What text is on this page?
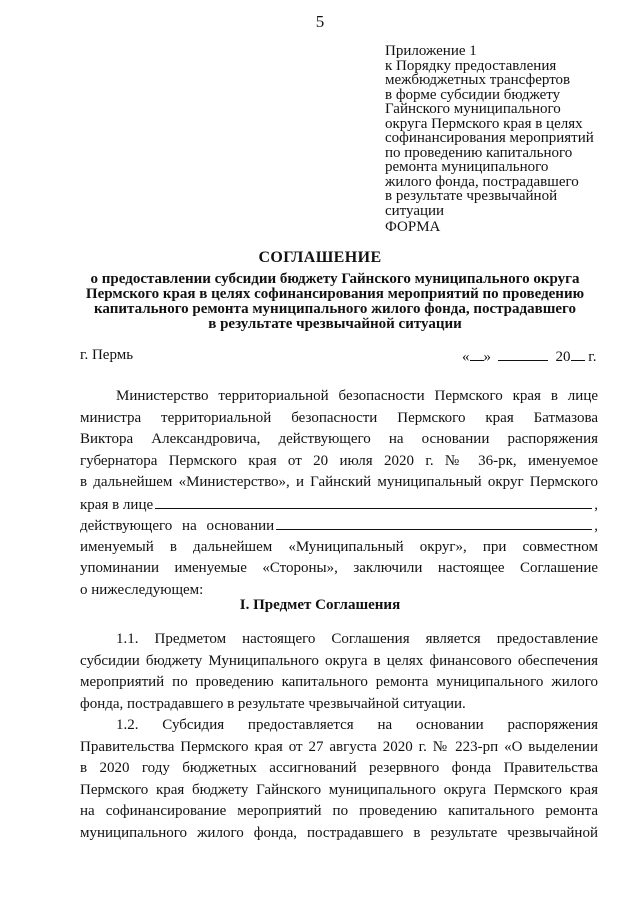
5
Приложение 1
к Порядку предоставления
межбюджетных трансфертов
в форме субсидии бюджету
Гайнского муниципального
округа Пермского края в целях
софинансирования мероприятий
по проведению капитального
ремонта муниципального
жилого фонда, пострадавшего
в результате чрезвычайной
ситуации
ФОРМА
СОГЛАШЕНИЕ
о предоставлении субсидии бюджету Гайнского муниципального округа
Пермского края в целях софинансирования мероприятий по проведению
капитального ремонта муниципального жилого фонда, пострадавшего
в результате чрезвычайной ситуации
г. Пермь	« »	20 г.
Министерство территориальной безопасности Пермского края в лице
министра территориальной безопасности Пермского края Батмазова
Виктора Александровича, действующего на основании распоряжения
губернатора Пермского края от 20 июля 2020 г. № 36-рк, именуемое
в дальнейшем «Министерство», и Гайнский муниципальный округ Пермского
края в лице	,
действующего на основании	,
именуемый в дальнейшем «Муниципальный округ», при совместном
упоминании именуемые «Стороны», заключили настоящее Соглашение
о нижеследующем:
I. Предмет Соглашения
1.1. Предметом настоящего Соглашения является предоставление
субсидии бюджету Муниципального округа в целях финансового обеспечения
мероприятий по проведению капитального ремонта муниципального жилого
фонда, пострадавшего в результате чрезвычайной ситуации.
1.2. Субсидия предоставляется на основании распоряжения
Правительства Пермского края от 27 августа 2020 г. № 223-рп «О выделении
в 2020 году бюджетных ассигнований резервного фонда Правительства
Пермского края бюджету Гайнского муниципального округа Пермского края
на софинансирование мероприятий по проведению капитального ремонта
муниципального жилого фонда, пострадавшего в результате чрезвычайной
